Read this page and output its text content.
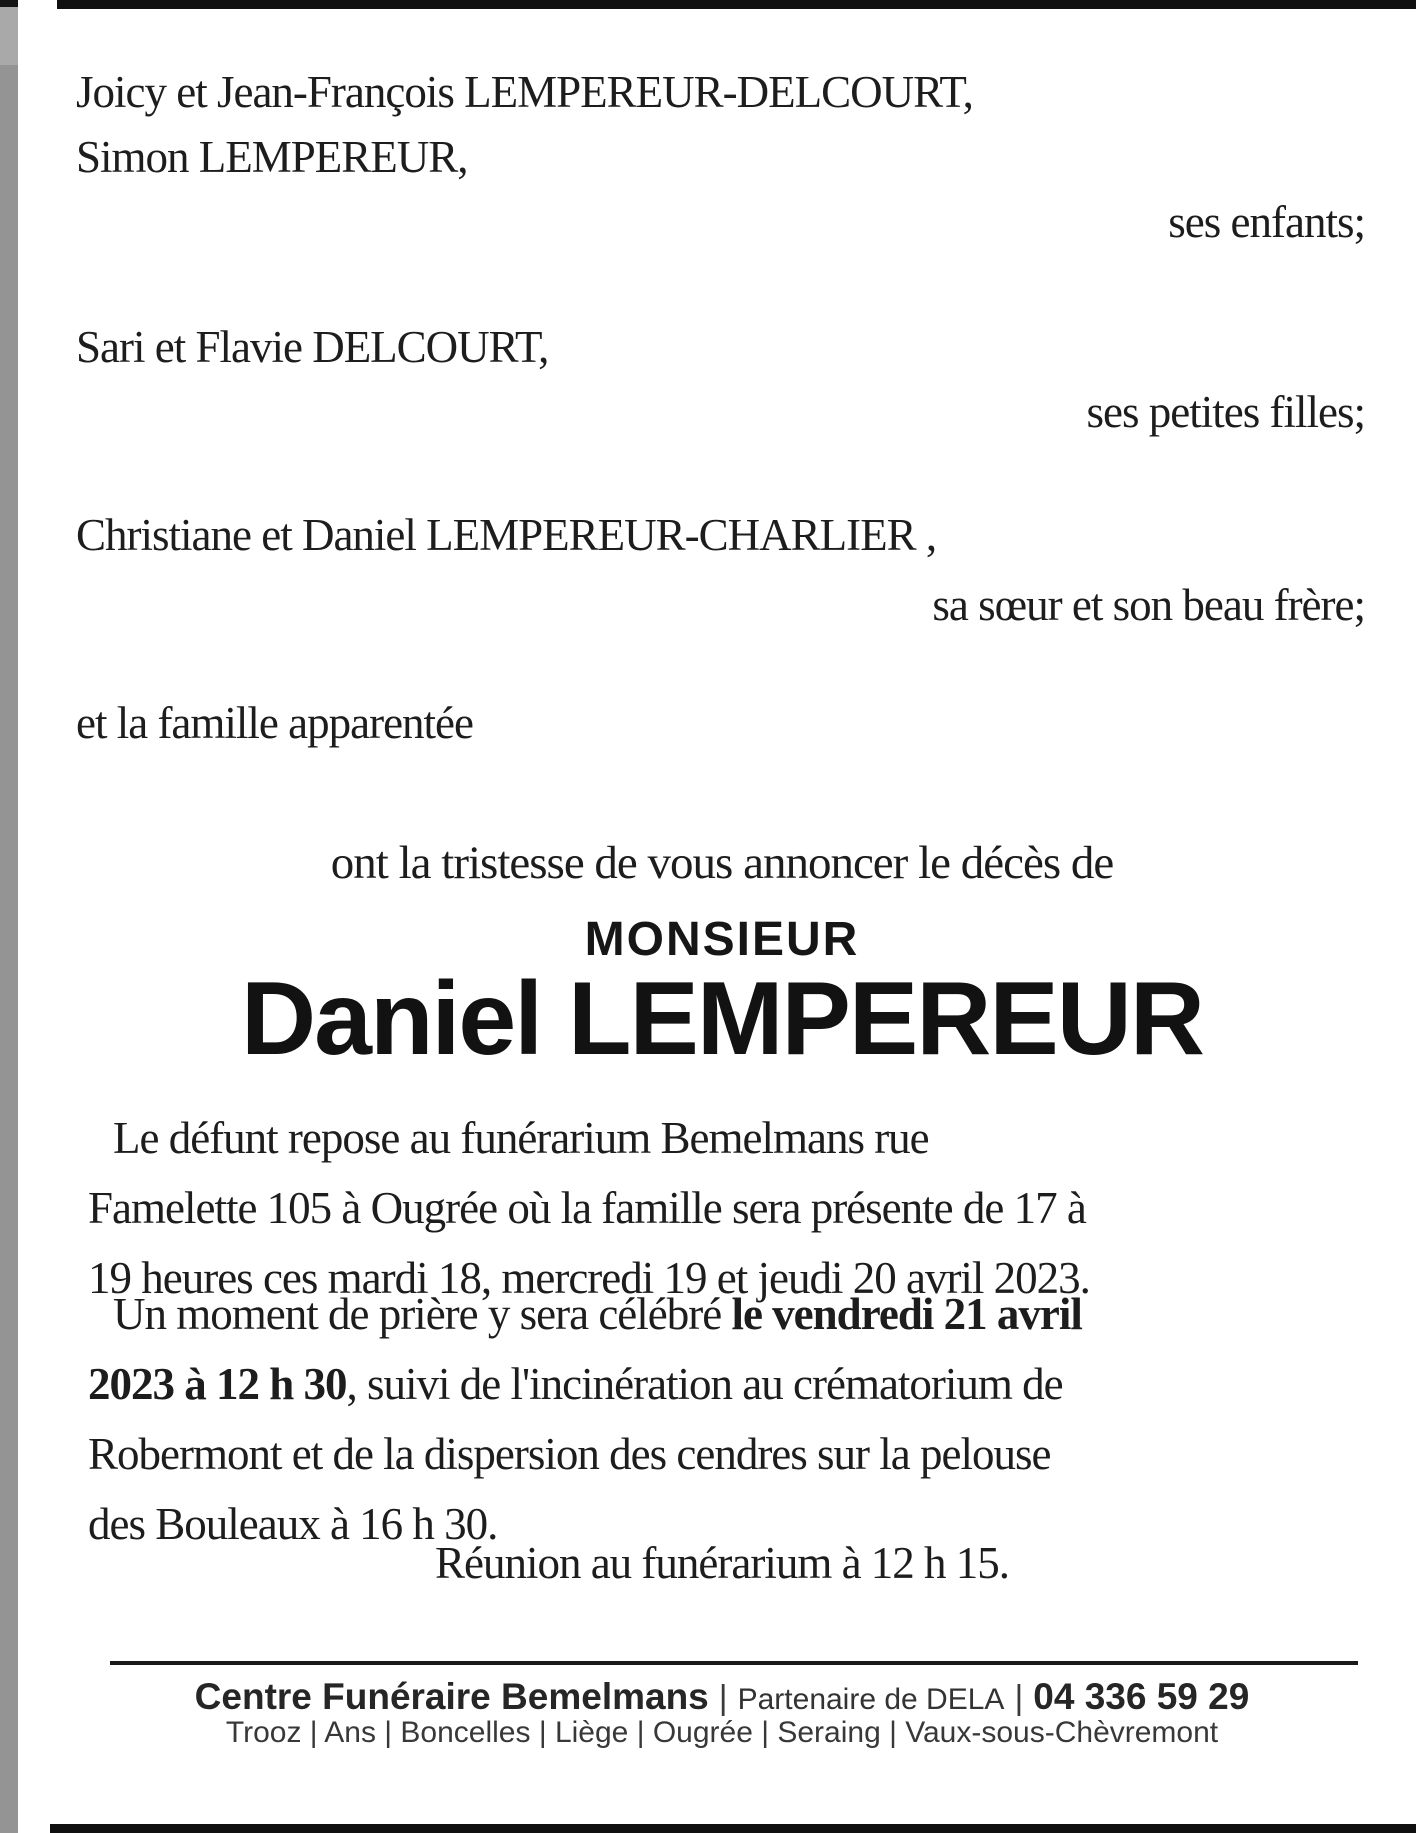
Joicy et Jean-François LEMPEREUR-DELCOURT,
Simon LEMPEREUR,
ses enfants;
Sari et Flavie DELCOURT,
ses petites filles;
Christiane et Daniel LEMPEREUR-CHARLIER ,
sa sœur et son beau frère;
et la famille apparentée
ont la tristesse de vous annoncer le décès de
MONSIEUR
Daniel LEMPEREUR
Le défunt repose au funérarium Bemelmans rue
Famelette 105 à Ougrée où la famille sera présente de 17 à
19 heures ces mardi 18, mercredi 19 et jeudi 20 avril 2023.
Un moment de prière y sera célébré le vendredi 21 avril
2023 à 12 h 30, suivi de l'incinération au crématorium de
Robermont et de la dispersion des cendres sur la pelouse
des Bouleaux à 16 h 30.
Réunion au funérarium à 12 h 15.
Centre Funéraire Bemelmans | Partenaire de DELA | 04 336 59 29
Trooz | Ans | Boncelles | Liège | Ougrée | Seraing | Vaux-sous-Chèvremont
